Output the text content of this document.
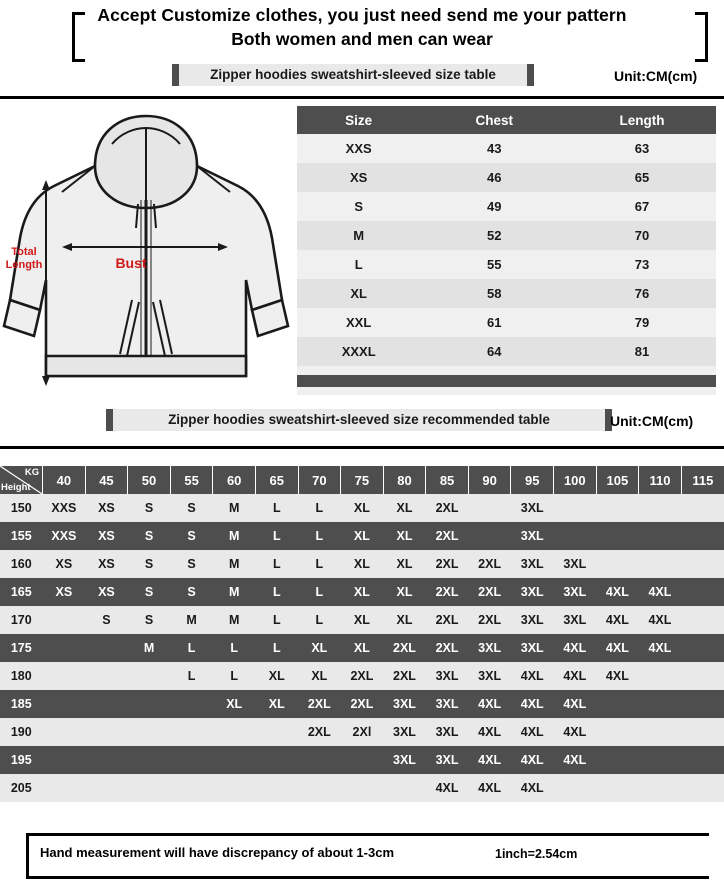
Accept Customize clothes, you just need send me your pattern
Both women and men can wear
Zipper hoodies sweatshirt-sleeved size table	Unit:CM(cm)
Total
Length	Bust
Size	Chest	Length
XXS	43	63
XS	46	65
S	49	67
M	52	70
L	55	73
XL	58	76
XXL	61	79
XXXL	64	81

Zipper hoodies sweatshirt-sleeved size recommended table	Unit:CM(cm)
KG
Height	40	45	50	55	60	65	70	75	80	85	90	95	100	105	110	115
150	XXS	XS	S	S	M	L	L	XL	XL	2XL		3XL				
155	XXS	XS	S	S	M	L	L	XL	XL	2XL		3XL				
160	XS	XS	S	S	M	L	L	XL	XL	2XL	2XL	3XL	3XL			
165	XS	XS	S	S	M	L	L	XL	XL	2XL	2XL	3XL	3XL	4XL	4XL	
170		S	S	M	M	L	L	XL	XL	2XL	2XL	3XL	3XL	4XL	4XL	
175			M	L	L	L	XL	XL	2XL	2XL	3XL	3XL	4XL	4XL	4XL	
180				L	L	XL	XL	2XL	2XL	3XL	3XL	4XL	4XL	4XL		
185					XL	XL	2XL	2XL	3XL	3XL	4XL	4XL	4XL			
190							2XL	2Xl	3XL	3XL	4XL	4XL	4XL			
195									3XL	3XL	4XL	4XL	4XL			
205										4XL	4XL	4XL				
Hand measurement will have discrepancy of about 1-3cm	1inch=2.54cm
